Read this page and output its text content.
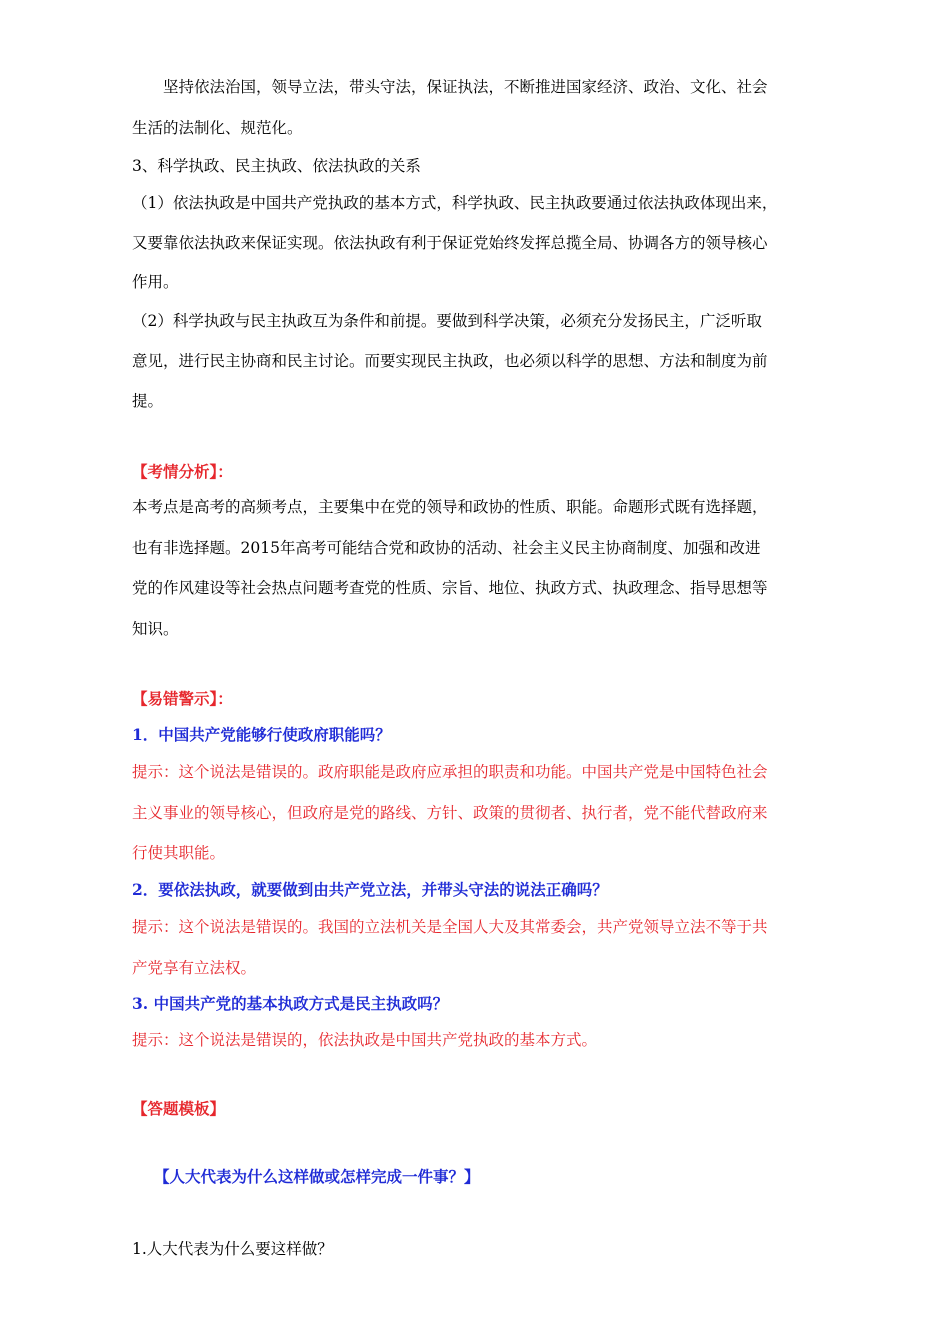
坚持依法治国，领导立法，带头守法，保证执法，不断推进国家经济、政治、文化、社会
生活的法制化、规范化。
3、科学执政、民主执政、依法执政的关系
（1）依法执政是中国共产党执政的基本方式，科学执政、民主执政要通过依法执政体现出来，
又要靠依法执政来保证实现。依法执政有利于保证党始终发挥总揽全局、协调各方的领导核心
作用。
（2）科学执政与民主执政互为条件和前提。要做到科学决策，必须充分发扬民主，广泛听取
意见，进行民主协商和民主讨论。而要实现民主执政，也必须以科学的思想、方法和制度为前
提。
【考情分析】：
本考点是高考的高频考点，主要集中在党的领导和政协的性质、职能。命题形式既有选择题，
也有非选择题。2015年高考可能结合党和政协的活动、社会主义民主协商制度、加强和改进
党的作风建设等社会热点问题考查党的性质、宗旨、地位、执政方式、执政理念、指导思想等
知识。
【易错警示】：
1．中国共产党能够行使政府职能吗？
提示：这个说法是错误的。政府职能是政府应承担的职责和功能。中国共产党是中国特色社会
主义事业的领导核心，但政府是党的路线、方针、政策的贯彻者、执行者，党不能代替政府来
行使其职能。
2．要依法执政，就要做到由共产党立法，并带头守法的说法正确吗？
提示：这个说法是错误的。我国的立法机关是全国人大及其常委会，共产党领导立法不等于共
产党享有立法权。
3. 中国共产党的基本执政方式是民主执政吗？
提示：这个说法是错误的，依法执政是中国共产党执政的基本方式。
【答题模板】
【人大代表为什么这样做或怎样完成一件事？】
1.人大代表为什么要这样做？
